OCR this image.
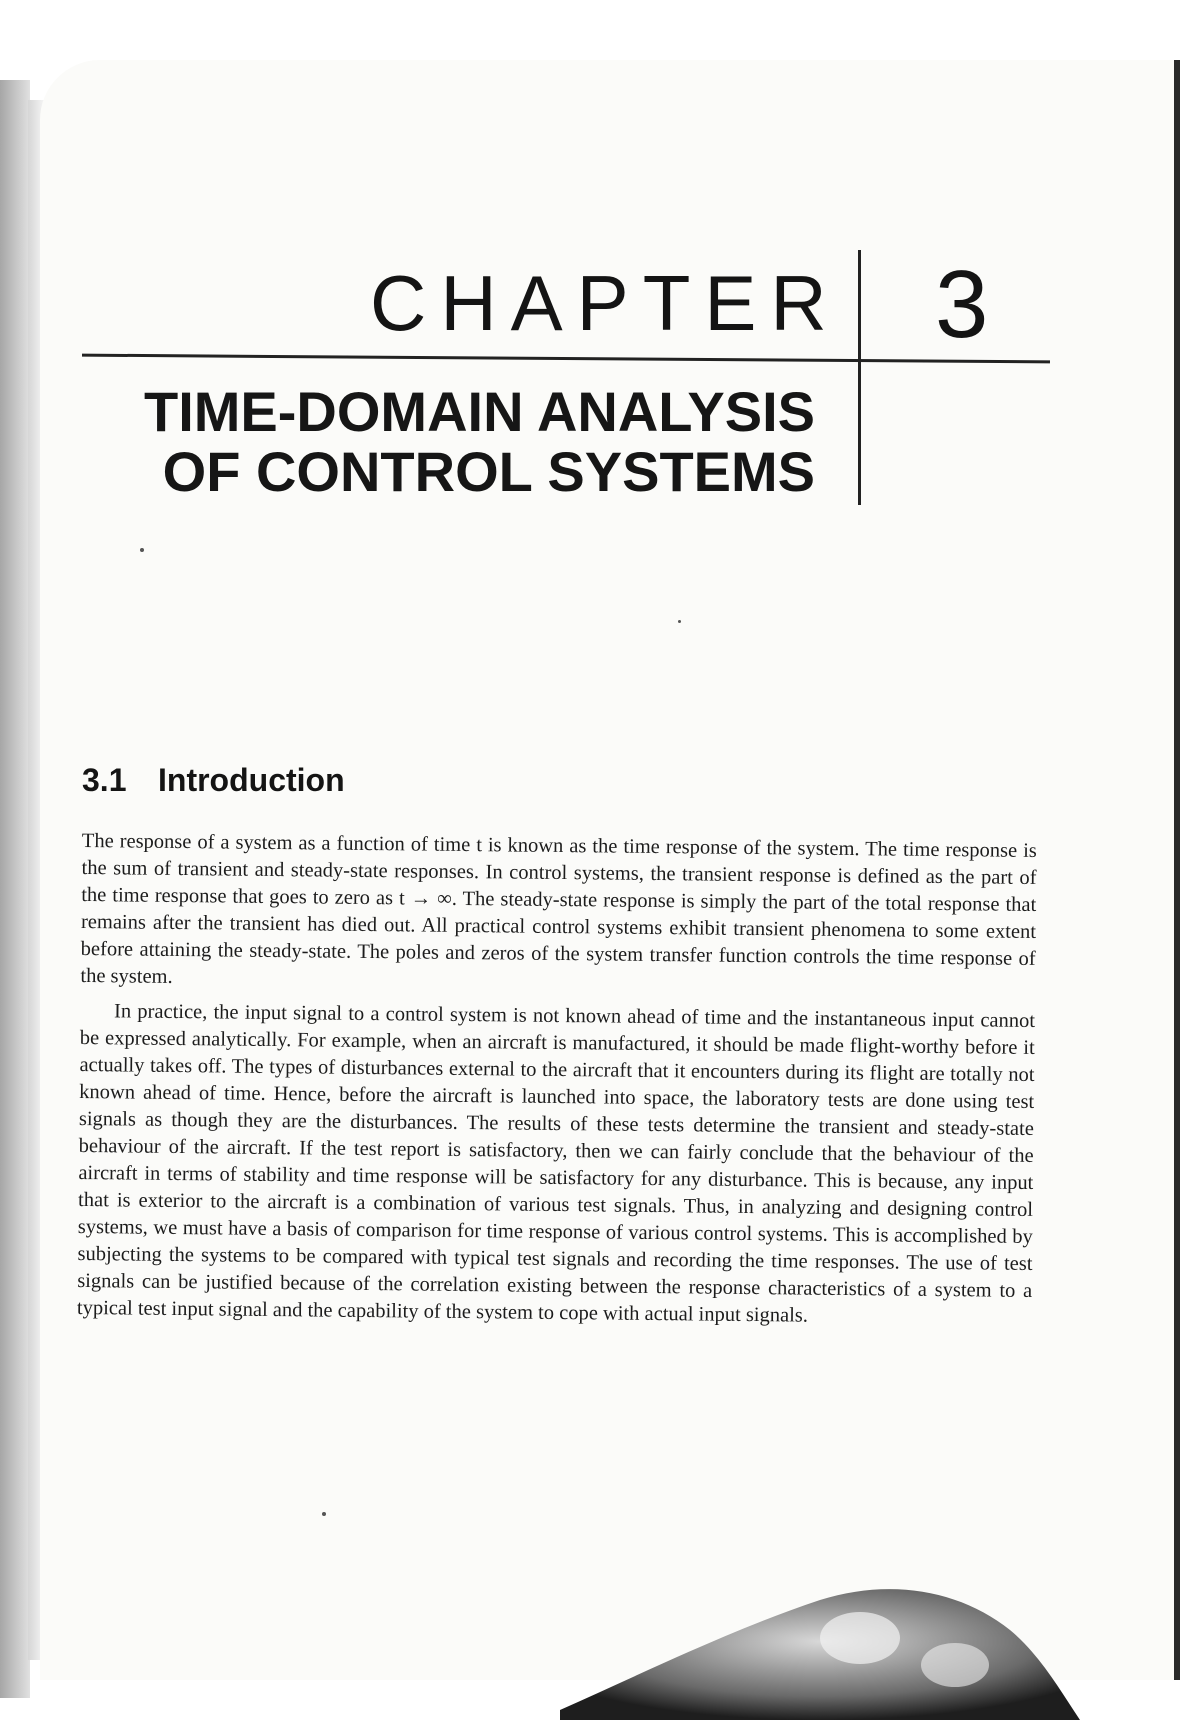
CHAPTER 3
TIME-DOMAIN ANALYSIS
OF CONTROL SYSTEMS
3.1 Introduction

The response of a system as a function of time t is known as the time response of the system. The time response is the sum of transient and steady-state responses. In control systems, the transient response is defined as the part of the time response that goes to zero as t → ∞. The steady-state response is simply the part of the total response that remains after the transient has died out. All practical control systems exhibit transient phenomena to some extent before attaining the steady-state. The poles and zeros of the system transfer function controls the time response of the system.

In practice, the input signal to a control system is not known ahead of time and the instantaneous input cannot be expressed analytically. For example, when an aircraft is manufactured, it should be made flight-worthy before it actually takes off. The types of disturbances external to the aircraft that it encounters during its flight are totally not known ahead of time. Hence, before the aircraft is launched into space, the laboratory tests are done using test signals as though they are the disturbances. The results of these tests determine the transient and steady-state behaviour of the aircraft. If the test report is satisfactory, then we can fairly conclude that the behaviour of the aircraft in terms of stability and time response will be satisfactory for any disturbance. This is because, any input that is exterior to the aircraft is a combination of various test signals. Thus, in analyzing and designing control systems, we must have a basis of comparison for time response of various control systems. This is accomplished by subjecting the systems to be compared with typical test signals and recording the time responses. The use of test signals can be justified because of the correlation existing between the response characteristics of a system to a typical test input signal and the capability of the system to cope with actual input signals.
